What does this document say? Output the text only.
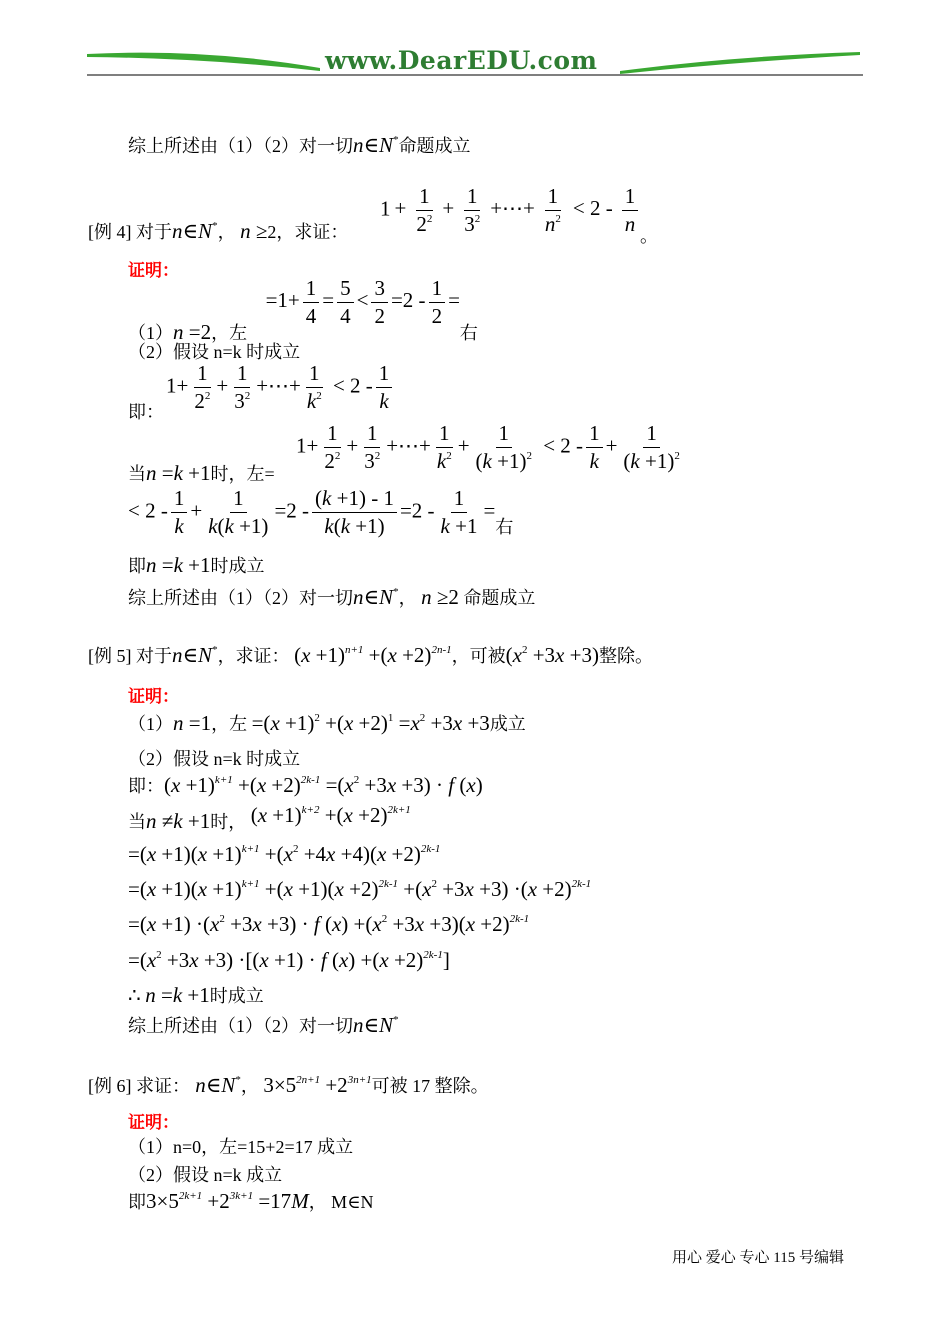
www.DearEDU.com
综上所述由（1）（2）对一切n∈N*命题成立
$1 + \frac{1}{2^2} + \frac{1}{3^2}$ +⋯+ $\frac{1}{n^2} < 2 - \frac{1}{n}$
[例 4] 对于n∈N*， n ≥2，求证：	。
证明：
（1）n =2，左 $=1+ \frac{1}{4} = \frac{5}{4} < \frac{3}{2} =2 - \frac{1}{2}$ =右
（2）假设 n=k 时成立
即：
$1+ \frac{1}{2^2} + \frac{1}{3^2}$ +⋯+ $\frac{1}{k^2} < 2 - \frac{1}{k}$
当n =k +1时，左=
$1+ \frac{1}{2^2} + \frac{1}{3^2}$ +⋯+ $\frac{1}{k^2} + \frac{1}{(k +1)^2} < 2 - \frac{1}{k} + \frac{1}{(k +1)^2}$
< $2 - \frac{1}{k} + \frac{1}{k(k +1)} =2 - \frac{(k +1) - 1}{k(k +1)} =2 - \frac{1}{k +1}$ =右
即n =k +1时成立
综上所述由（1）（2）对一切n∈N*， n ≥2 命题成立
[例 5] 对于n∈N*，求证： $(x +1)^{n+1} +(x +2)^{2n-1}$，可被$(x^2 +3x +3)$整除。
证明：
（1）n =1，左 $=(x +1)^2 +(x +2)^1 =x^2 +3x +3$成立
（2）假设 n=k 时成立
即：$(x +1)^{k+1} +(x +2)^{2k-1} =(x^2 +3x +3) \cdot f$ (x)
当n ≠k +1时， $(x +1)^{k+2} +(x +2)^{2k+1}$
$=(x +1)(x +1)^{k+1} +(x^2 +4x +4)(x +2)^{2k-1}$
$=(x +1)(x +1)^{k+1} +(x +1)(x +2)^{2k-1} +(x^2 +3x +3) \cdot(x +2)^{2k-1}$
$=(x +1) \cdot(x^2 +3x +3) \cdot f$ $(x) +(x^2 +3x +3)(x +2)^{2k-1}$
$=(x^2 +3x +3) \cdot[(x +1) \cdot f$ $(x) +(x +2)^{2k-1}$]
∴ n =k +1时成立
综上所述由（1）（2）对一切n∈N*
[例 6] 求证： n∈N*， $3\times 5^{2n+1} +2^{3n+1}$可被 17 整除。
证明：
（1）n=0，左=15+2=17 成立
（2）假设 n=k 成立
即$3\times 5^{2k+1} +2^{3k+1} =17M$， M∈N
用心 爱心 专心 115 号编辑
